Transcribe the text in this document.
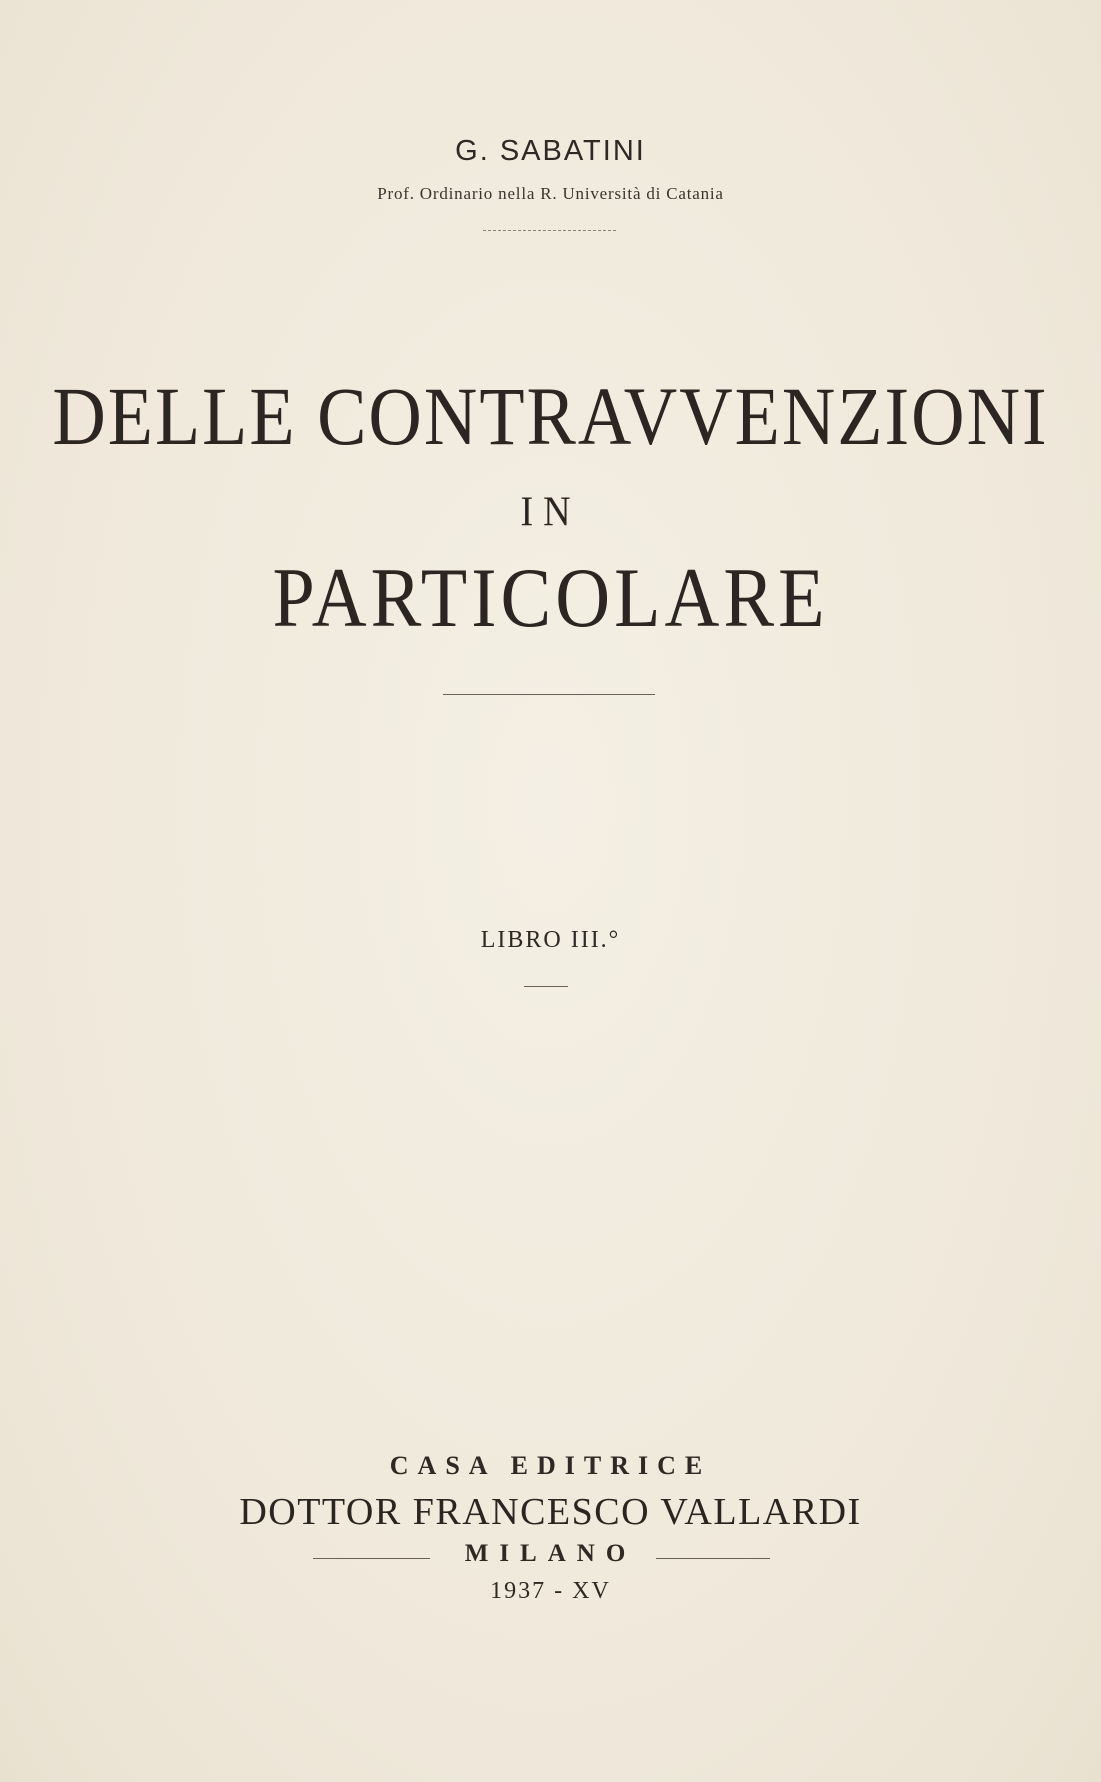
G. SABATINI
Prof. Ordinario nella R. Università di Catania
DELLE CONTRAVVENZIONI
IN
PARTICOLARE
LIBRO III.°
CASA EDITRICE
DOTTOR FRANCESCO VALLARDI
MILANO
1937 - XV
